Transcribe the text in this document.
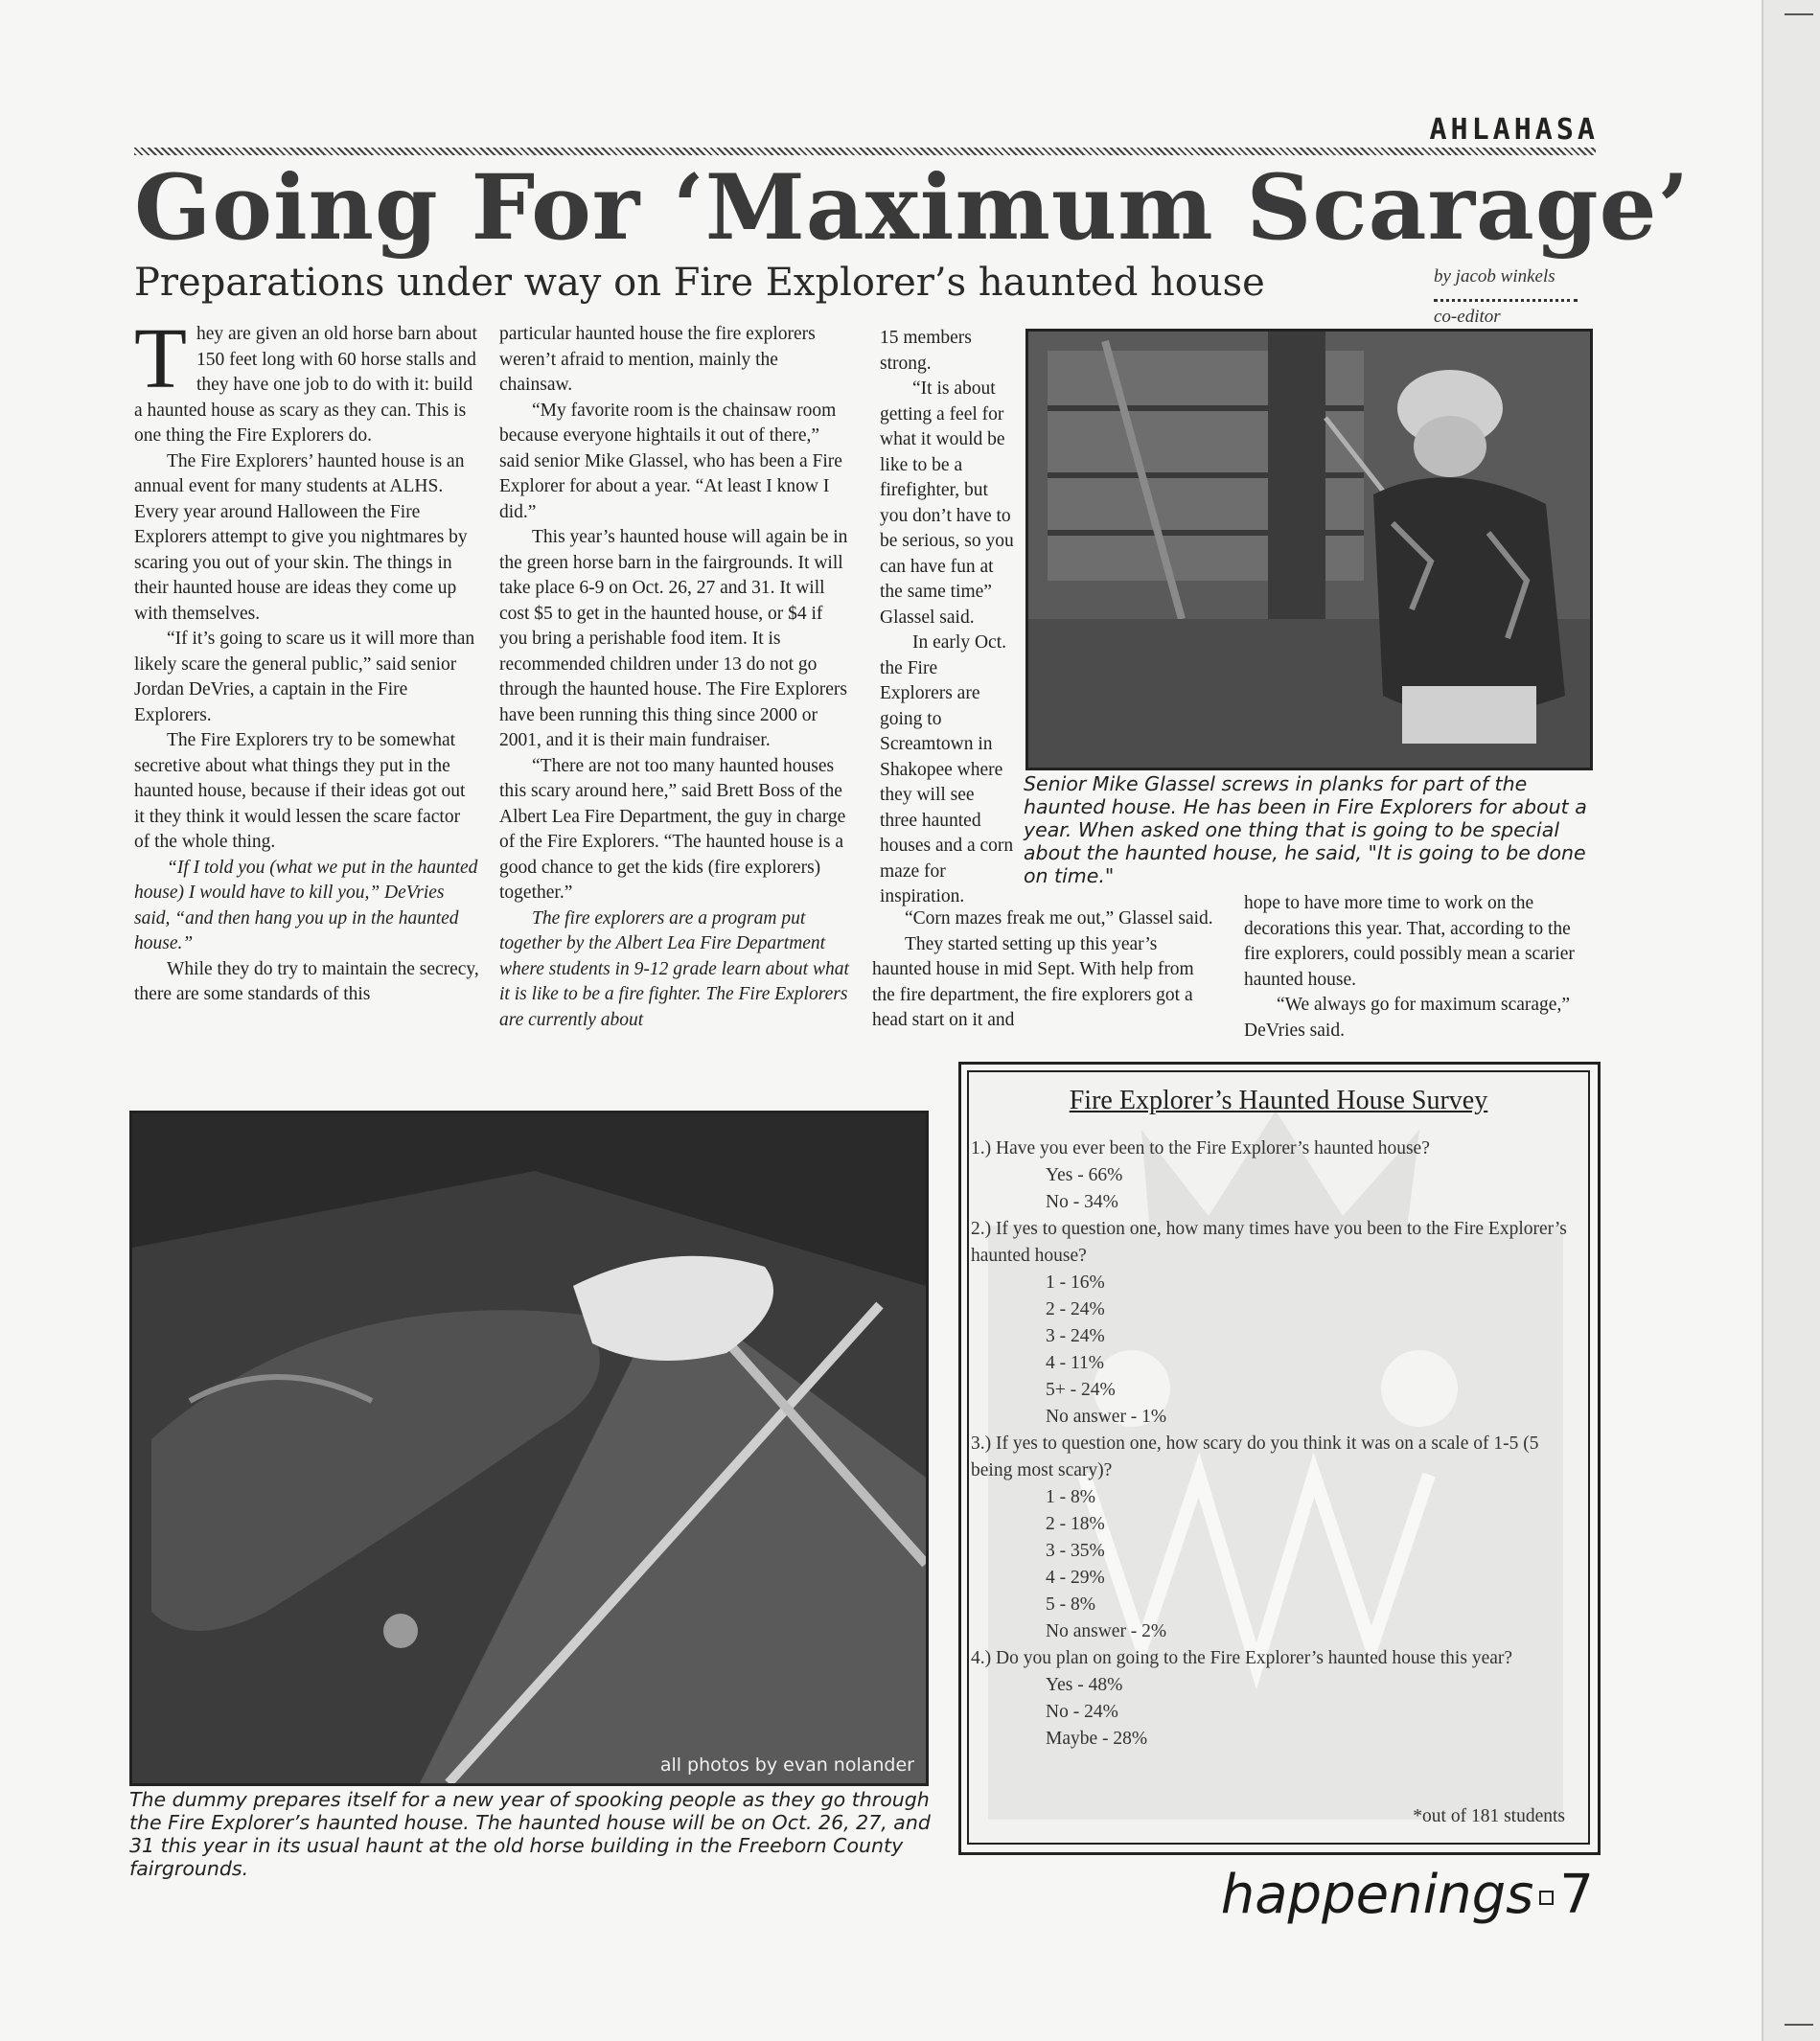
AHLAHASA
Going For ‘Maximum Scarage’
Preparations under way on Fire Explorer’s haunted house	by jacob winkels
co-editor

They are given an old horse barn about 150 feet long with 60 horse stalls and they have one job to do with it: build a haunted house as scary as they can. This is one thing the Fire Explorers do.

The Fire Explorers’ haunted house is an annual event for many students at ALHS. Every year around Halloween the Fire Explorers attempt to give you nightmares by scaring you out of your skin. The things in their haunted house are ideas they come up with themselves.

“If it’s going to scare us it will more than likely scare the general public,” said senior Jordan DeVries, a captain in the Fire Explorers.

The Fire Explorers try to be somewhat secretive about what things they put in the haunted house, because if their ideas got out it they think it would lessen the scare factor of the whole thing.

“If I told you (what we put in the haunted house) I would have to kill you,” DeVries said, “and then hang you up in the haunted house.”

While they do try to maintain the secrecy, there are some standards of this

particular haunted house the fire explorers weren’t afraid to mention, mainly the chainsaw.

“My favorite room is the chainsaw room because everyone hightails it out of there,” said senior Mike Glassel, who has been a Fire Explorer for about a year. “At least I know I did.”

This year’s haunted house will again be in the green horse barn in the fairgrounds. It will take place 6-9 on Oct. 26, 27 and 31. It will cost $5 to get in the haunted house, or $4 if you bring a perishable food item. It is recommended children under 13 do not go through the haunted house. The Fire Explorers have been running this thing since 2000 or 2001, and it is their main fundraiser.

“There are not too many haunted houses this scary around here,” said Brett Boss of the Albert Lea Fire Department, the guy in charge of the Fire Explorers. “The haunted house is a good chance to get the kids (fire explorers) together.”

The fire explorers are a program put together by the Albert Lea Fire Department where students in 9-12 grade learn about what it is like to be a fire fighter. The Fire Explorers are currently about

15 members strong.

“It is about getting a feel for what it would be like to be a firefighter, but you don’t have to be serious, so you can have fun at the same time” Glassel said.

In early Oct. the Fire Explorers are going to Screamtown in Shakopee where they will see three haunted houses and a corn maze for inspiration.

“Corn mazes freak me out,” Glassel said.

They started setting up this year’s haunted house in mid Sept. With help from the fire department, the fire explorers got a head start on it and

hope to have more time to work on the decorations this year. That, according to the fire explorers, could possibly mean a scarier haunted house.

“We always go for maximum scarage,” DeVries said.

Senior Mike Glassel screws in planks for part of the haunted house. He has been in Fire Explorers for about a year. When asked one thing that is going to be special about the haunted house, he said, "It is going to be done on time."
all photos by evan nolander
The dummy prepares itself for a new year of spooking people as they go through the Fire Explorer’s haunted house. The haunted house will be on Oct. 26, 27, and 31 this year in its usual haunt at the old horse building in the Freeborn County fairgrounds.
Fire Explorer’s Haunted House Survey
1.) Have you ever been to the Fire Explorer’s haunted house?
Yes - 66%
No - 34%
2.) If yes to question one, how many times have you been to the Fire Explorer’s haunted house?
1 - 16%
2 - 24%
3 - 24%
4 - 11%
5+ - 24%
No answer - 1%
3.) If yes to question one, how scary do you think it was on a scale of 1-5 (5 being most scary)?
1 - 8%
2 - 18%
3 - 35%
4 - 29%
5 - 8%
No answer - 2%
4.) Do you plan on going to the Fire Explorer’s haunted house this year?
Yes - 48%
No - 24%
Maybe - 28%
*out of 181 students
happenings 7
